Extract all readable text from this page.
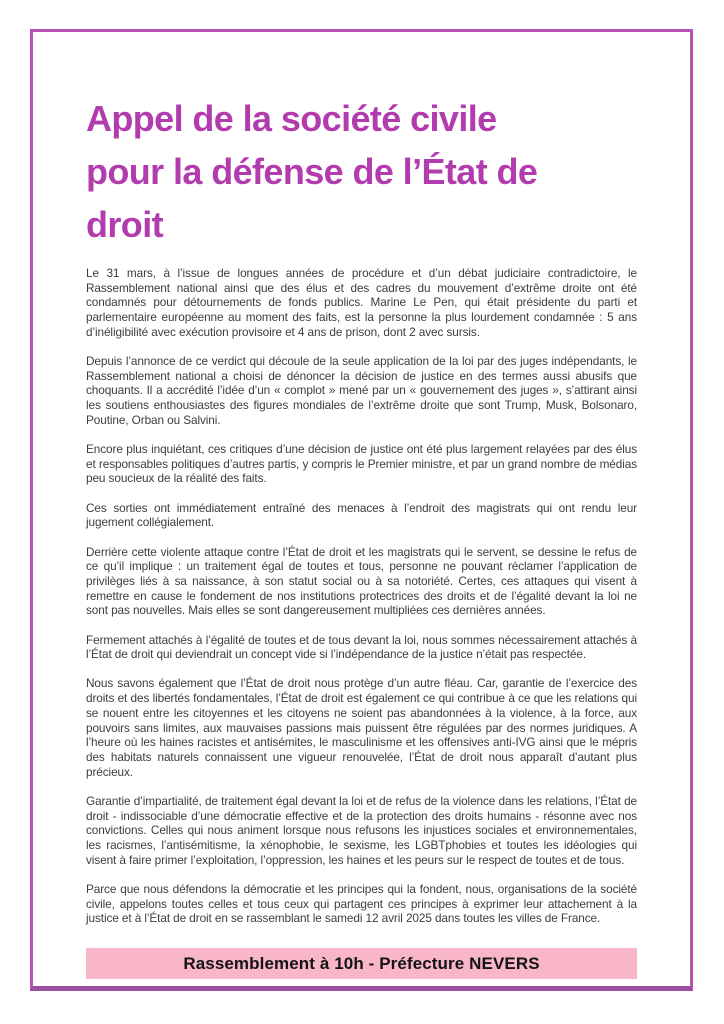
Appel de la société civile
pour la défense de l’État de
droit

Le 31 mars, à l’issue de longues années de procédure et d’un débat judiciaire contradictoire, le Rassemblement national ainsi que des élus et des cadres du mouvement d’extrême droite ont été condamnés pour détournements de fonds publics. Marine Le Pen, qui était présidente du parti et parlementaire européenne au moment des faits, est la personne la plus lourdement condamnée : 5 ans d’inéligibilité avec exécution provisoire et 4 ans de prison, dont 2 avec sursis.

Depuis l’annonce de ce verdict qui découle de la seule application de la loi par des juges indépendants, le Rassemblement national a choisi de dénoncer la décision de justice en des termes aussi abusifs que choquants. Il a accrédité l’idée d’un « complot » mené par un « gouvernement des juges », s’attirant ainsi les soutiens enthousiastes des figures mondiales de l’extrême droite que sont Trump, Musk, Bolsonaro, Poutine, Orban ou Salvini.

Encore plus inquiétant, ces critiques d’une décision de justice ont été plus largement relayées par des élus et responsables politiques d’autres partis, y compris le Premier ministre, et par un grand nombre de médias peu soucieux de la réalité des faits.

Ces sorties ont immédiatement entraîné des menaces à l’endroit des magistrats qui ont rendu leur jugement collégialement.

Derrière cette violente attaque contre l’État de droit et les magistrats qui le servent, se dessine le refus de ce qu’il implique : un traitement égal de toutes et tous, personne ne pouvant réclamer l’application de privilèges liés à sa naissance, à son statut social ou à sa notoriété. Certes, ces attaques qui visent à remettre en cause le fondement de nos institutions protectrices des droits et de l’égalité devant la loi ne sont pas nouvelles. Mais elles se sont dangereusement multipliées ces dernières années.

Fermement attachés à l’égalité de toutes et de tous devant la loi, nous sommes nécessairement attachés à l’État de droit qui deviendrait un concept vide si l’indépendance de la justice n’était pas respectée.

Nous savons également que l’État de droit nous protège d’un autre fléau. Car, garantie de l’exercice des droits et des libertés fondamentales, l’État de droit est également ce qui contribue à ce que les relations qui se nouent entre les citoyennes et les citoyens ne soient pas abandonnées à la violence, à la force, aux pouvoirs sans limites, aux mauvaises passions mais puissent être régulées par des normes juridiques. A l’heure où les haines racistes et antisémites, le masculinisme et les offensives anti-IVG ainsi que le mépris des habitats naturels connaissent une vigueur renouvelée, l’État de droit nous apparaît d’autant plus précieux.

Garantie d’impartialité, de traitement égal devant la loi et de refus de la violence dans les relations, l’État de droit - indissociable d’une démocratie effective et de la protection des droits humains - résonne avec nos convictions. Celles qui nous animent lorsque nous refusons les injustices sociales et environnementales, les racismes, l’antisémitisme, la xénophobie, le sexisme, les LGBTphobies et toutes les idéologies qui visent à faire primer l’exploitation, l’oppression, les haines et les peurs sur le respect de toutes et de tous.

Parce que nous défendons la démocratie et les principes qui la fondent, nous, organisations de la société civile, appelons toutes celles et tous ceux qui partagent ces principes à exprimer leur attachement à la justice et à l’État de droit en se rassemblant le samedi 12 avril 2025 dans toutes les villes de France.

Rassemblement à 10h - Préfecture NEVERS
